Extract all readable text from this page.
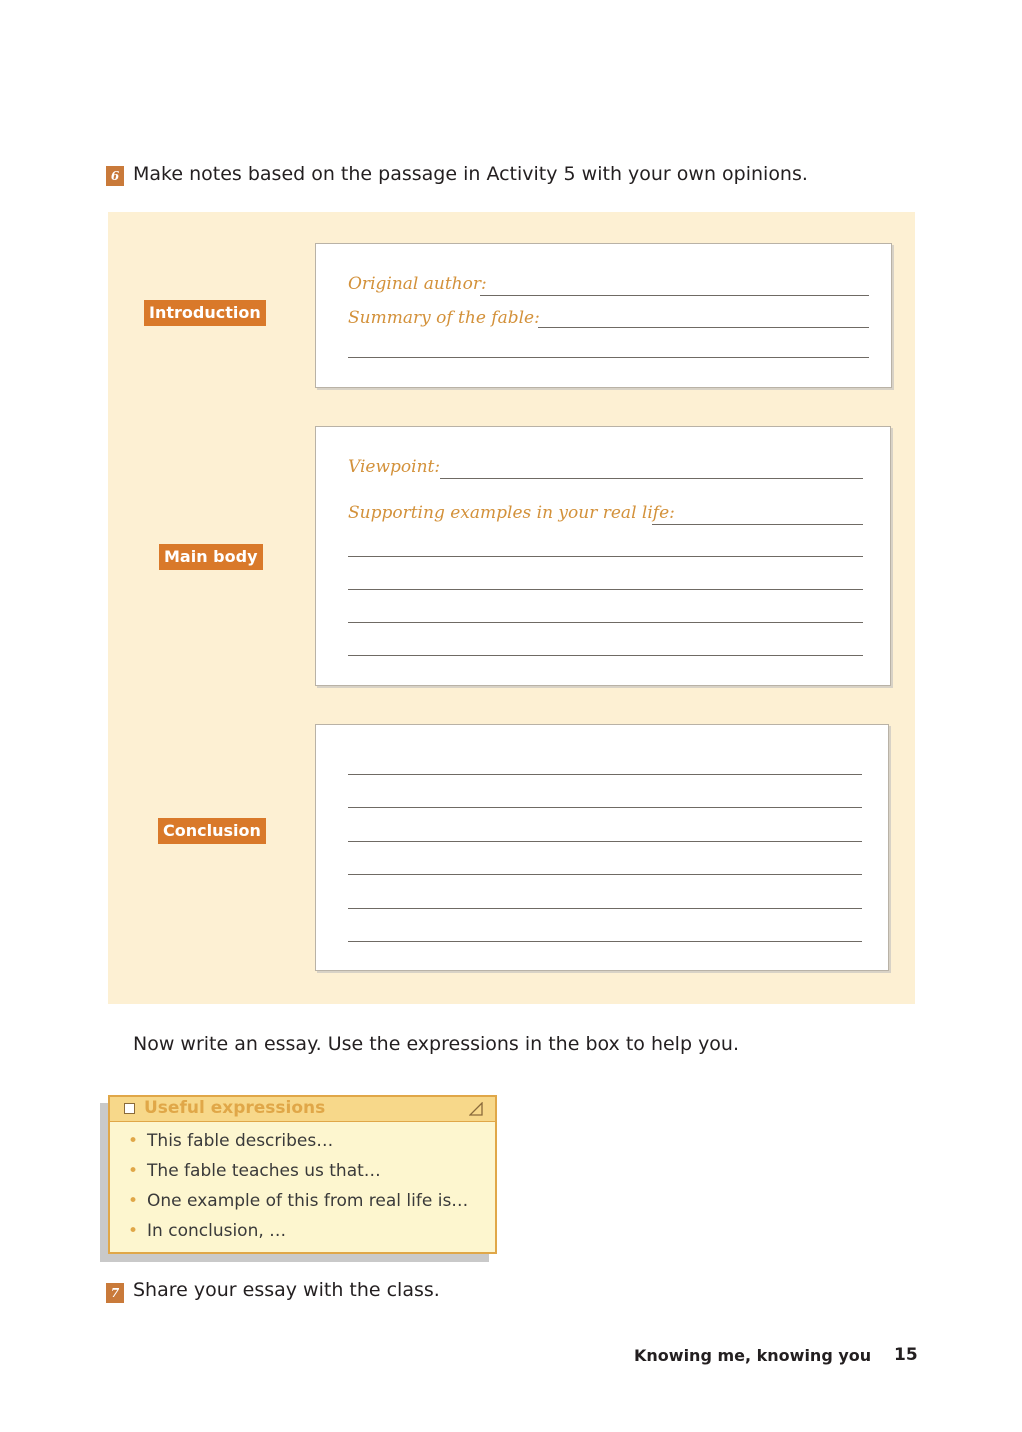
6 Make notes based on the passage in Activity 5 with your own opinions.
Introduction
Original author:
Summary of the fable:
Main body
Viewpoint:
Supporting examples in your real life:
Conclusion
Now write an essay. Use the expressions in the box to help you.
Useful expressions
• This fable describes…
• The fable teaches us that…
• One example of this from real life is…
• In conclusion, …
7 Share your essay with the class.
Knowing me, knowing you 15
